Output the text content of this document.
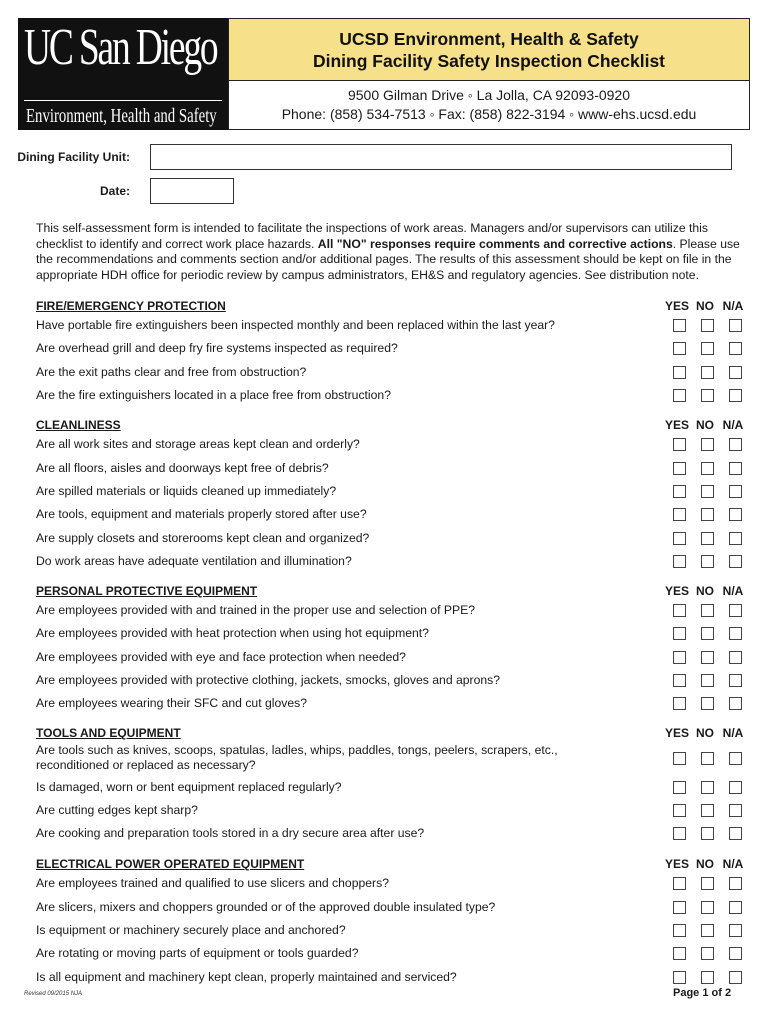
UC San Diego
Environment, Health and Safety
UCSD Environment, Health & Safety
Dining Facility Safety Inspection Checklist
9500 Gilman Drive ◦ La Jolla, CA 92093-0920
Phone: (858) 534-7513 ◦ Fax: (858) 822-3194 ◦ www-ehs.ucsd.edu
Dining Facility Unit:
Date:
This self-assessment form is intended to facilitate the inspections of work areas. Managers and/or supervisors can utilize this checklist to identify and correct work place hazards. All "NO" responses require comments and corrective actions. Please use the recommendations and comments section and/or additional pages. The results of this assessment should be kept on file in the appropriate HDH office for periodic review by campus administrators, EH&S and regulatory agencies. See distribution note.
FIRE/EMERGENCY PROTECTION	YES NO N/A
Have portable fire extinguishers been inspected monthly and been replaced within the last year?
Are overhead grill and deep fry fire systems inspected as required?
Are the exit paths clear and free from obstruction?
Are the fire extinguishers located in a place free from obstruction?
CLEANLINESS	YES NO N/A
Are all work sites and storage areas kept clean and orderly?
Are all floors, aisles and doorways kept free of debris?
Are spilled materials or liquids cleaned up immediately?
Are tools, equipment and materials properly stored after use?
Are supply closets and storerooms kept clean and organized?
Do work areas have adequate ventilation and illumination?
PERSONAL PROTECTIVE EQUIPMENT	YES NO N/A
Are employees provided with and trained in the proper use and selection of PPE?
Are employees provided with heat protection when using hot equipment?
Are employees provided with eye and face protection when needed?
Are employees provided with protective clothing, jackets, smocks, gloves and aprons?
Are employees wearing their SFC and cut gloves?
TOOLS AND EQUIPMENT	YES NO N/A
Are tools such as knives, scoops, spatulas, ladles, whips, paddles, tongs, peelers, scrapers, etc., reconditioned or replaced as necessary?
Is damaged, worn or bent equipment replaced regularly?
Are cutting edges kept sharp?
Are cooking and preparation tools stored in a dry secure area after use?
ELECTRICAL POWER OPERATED EQUIPMENT	YES NO N/A
Are employees trained and qualified to use slicers and choppers?
Are slicers, mixers and choppers grounded or of the approved double insulated type?
Is equipment or machinery securely place and anchored?
Are rotating or moving parts of equipment or tools guarded?
Is all equipment and machinery kept clean, properly maintained and serviced?
Revised 09/2015 NJA	Page 1 of 2
